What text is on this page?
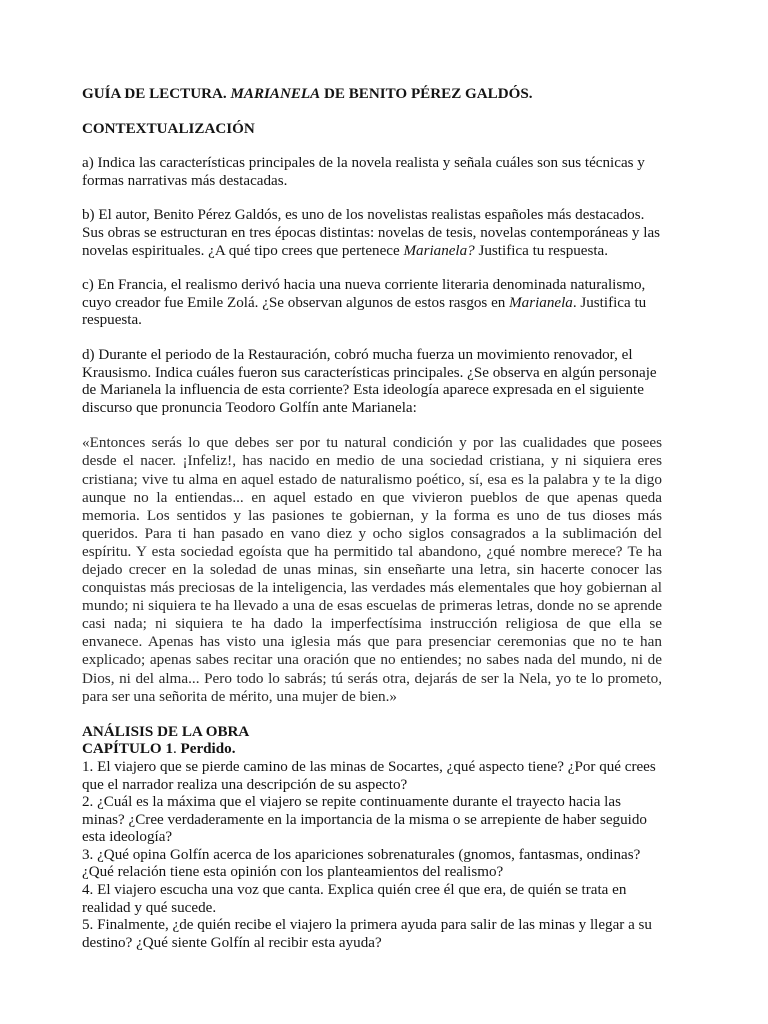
GUÍA DE LECTURA. MARIANELA DE BENITO PÉREZ GALDÓS.

CONTEXTUALIZACIÓN

a) Indica las características principales de la novela realista y señala cuáles son sus técnicas y formas narrativas más destacadas.

b) El autor, Benito Pérez Galdós, es uno de los novelistas realistas españoles más destacados. Sus obras se estructuran en tres épocas distintas: novelas de tesis, novelas contemporáneas y las novelas espirituales. ¿A qué tipo crees que pertenece Marianela? Justifica tu respuesta.

c) En Francia, el realismo derivó hacia una nueva corriente literaria denominada naturalismo, cuyo creador fue Emile Zolá. ¿Se observan algunos de estos rasgos en Marianela. Justifica tu respuesta.

d) Durante el periodo de la Restauración, cobró mucha fuerza un movimiento renovador, el Krausismo. Indica cuáles fueron sus características principales. ¿Se observa en algún personaje de Marianela la influencia de esta corriente? Esta ideología aparece expresada en el siguiente discurso que pronuncia Teodoro Golfín ante Marianela:

«Entonces serás lo que debes ser por tu natural condición y por las cualidades que posees desde el nacer. ¡Infeliz!, has nacido en medio de una sociedad cristiana, y ni siquiera eres cristiana; vive tu alma en aquel estado de naturalismo poético, sí, esa es la palabra y te la digo aunque no la entiendas... en aquel estado en que vivieron pueblos de que apenas queda memoria. Los sentidos y las pasiones te gobiernan, y la forma es uno de tus dioses más queridos. Para ti han pasado en vano diez y ocho siglos consagrados a la sublimación del espíritu. Y esta sociedad egoísta que ha permitido tal abandono, ¿qué nombre merece? Te ha dejado crecer en la soledad de unas minas, sin enseñarte una letra, sin hacerte conocer las conquistas más preciosas de la inteligencia, las verdades más elementales que hoy gobiernan al mundo; ni siquiera te ha llevado a una de esas escuelas de primeras letras, donde no se aprende casi nada; ni siquiera te ha dado la imperfectísima instrucción religiosa de que ella se envanece. Apenas has visto una iglesia más que para presenciar ceremonias que no te han explicado; apenas sabes recitar una oración que no entiendes; no sabes nada del mundo, ni de Dios, ni del alma... Pero todo lo sabrás; tú serás otra, dejarás de ser la Nela, yo te lo prometo, para ser una señorita de mérito, una mujer de bien.»

ANÁLISIS DE LA OBRA

CAPÍTULO 1. Perdido.

1. El viajero que se pierde camino de las minas de Socartes, ¿qué aspecto tiene? ¿Por qué crees que el narrador realiza una descripción de su aspecto?

2. ¿Cuál es la máxima que el viajero se repite continuamente durante el trayecto hacia las minas? ¿Cree verdaderamente en la importancia de la misma o se arrepiente de haber seguido esta ideología?

3. ¿Qué opina Golfín acerca de los apariciones sobrenaturales (gnomos, fantasmas, ondinas? ¿Qué relación tiene esta opinión con los planteamientos del realismo?

4. El viajero escucha una voz que canta. Explica quién cree él que era, de quién se trata en realidad y qué sucede.

5. Finalmente, ¿de quién recibe el viajero la primera ayuda para salir de las minas y llegar a su destino? ¿Qué siente Golfín al recibir esta ayuda?
